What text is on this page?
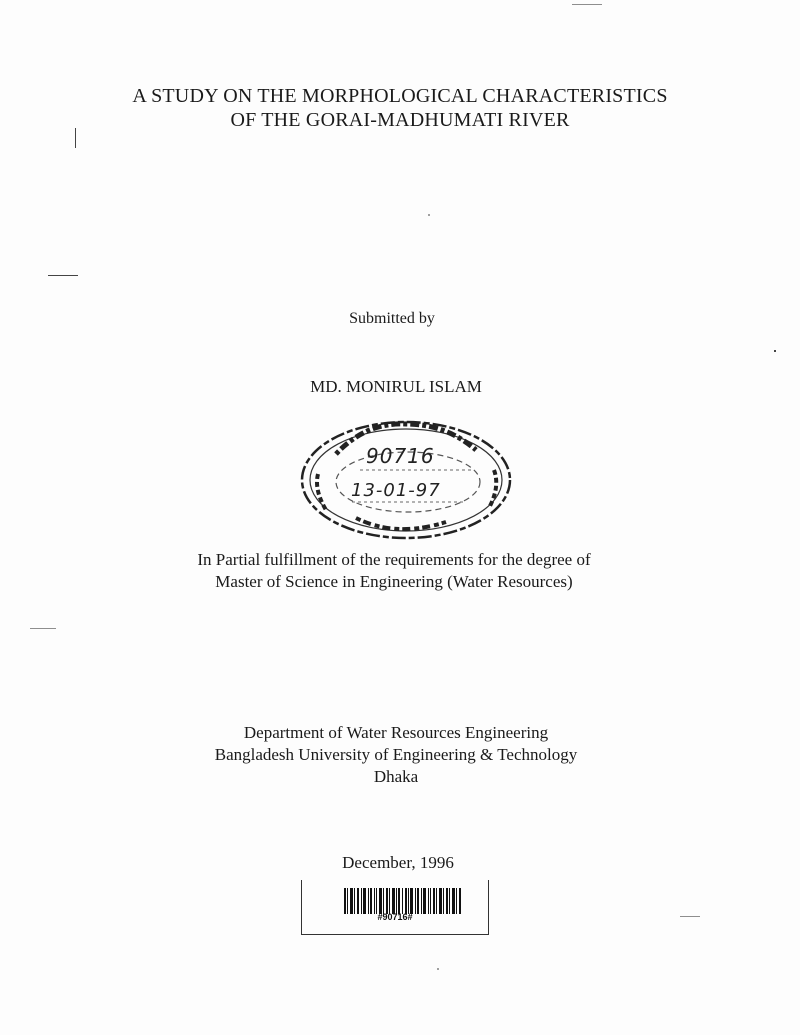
A STUDY ON THE MORPHOLOGICAL CHARACTERISTICS
OF THE GORAI-MADHUMATI RIVER
Submitted by
MD. MONIRUL ISLAM
90716
13-01-97
In Partial fulfillment of the requirements for the degree of
Master of Science in Engineering (Water Resources)
Department of Water Resources Engineering
Bangladesh University of Engineering & Technology
Dhaka
December, 1996
#90716#
